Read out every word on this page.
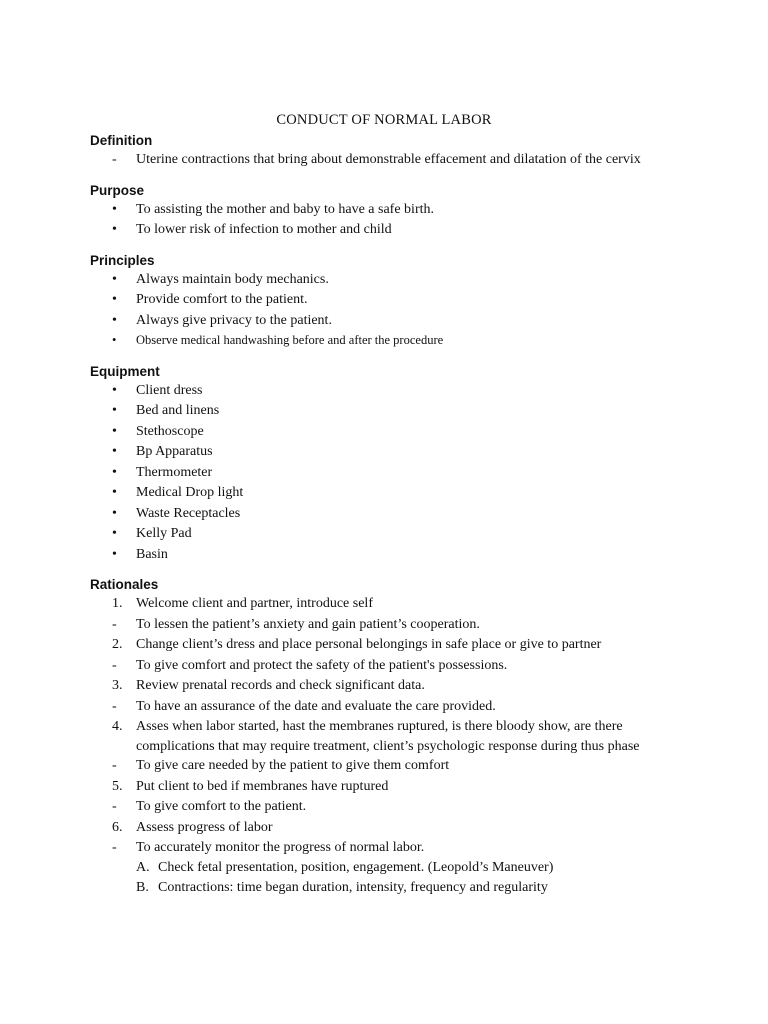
CONDUCT OF NORMAL LABOR
Definition
-	Uterine contractions that bring about demonstrable effacement and dilatation of the cervix
Purpose
•	To assisting the mother and baby to have a safe birth.
•	To lower risk of infection to mother and child
Principles
•	Always maintain body mechanics.
•	Provide comfort to the patient.
•	Always give privacy to the patient.
•	Observe medical handwashing before and after the procedure
Equipment
•	Client dress
•	Bed and linens
•	Stethoscope
•	Bp Apparatus
•	Thermometer
•	Medical Drop light
•	Waste Receptacles
•	Kelly Pad
•	Basin
Rationales
1. Welcome client and partner, introduce self
-	To lessen the patient’s anxiety and gain patient’s cooperation.
2. Change client’s dress and place personal belongings in safe place or give to partner
-	To give comfort and protect the safety of the patient's possessions.
3. Review prenatal records and check significant data.
-	To have an assurance of the date and evaluate the care provided.
4. Asses when labor started, hast the membranes ruptured, is there bloody show, are there complications that may require treatment, client’s psychologic response during thus phase
-	To give care needed by the patient to give them comfort
5. Put client to bed if membranes have ruptured
-	To give comfort to the patient.
6. Assess progress of labor
-	To accurately monitor the progress of normal labor.
A. Check fetal presentation, position, engagement. (Leopold’s Maneuver)
B. Contractions: time began duration, intensity, frequency and regularity
